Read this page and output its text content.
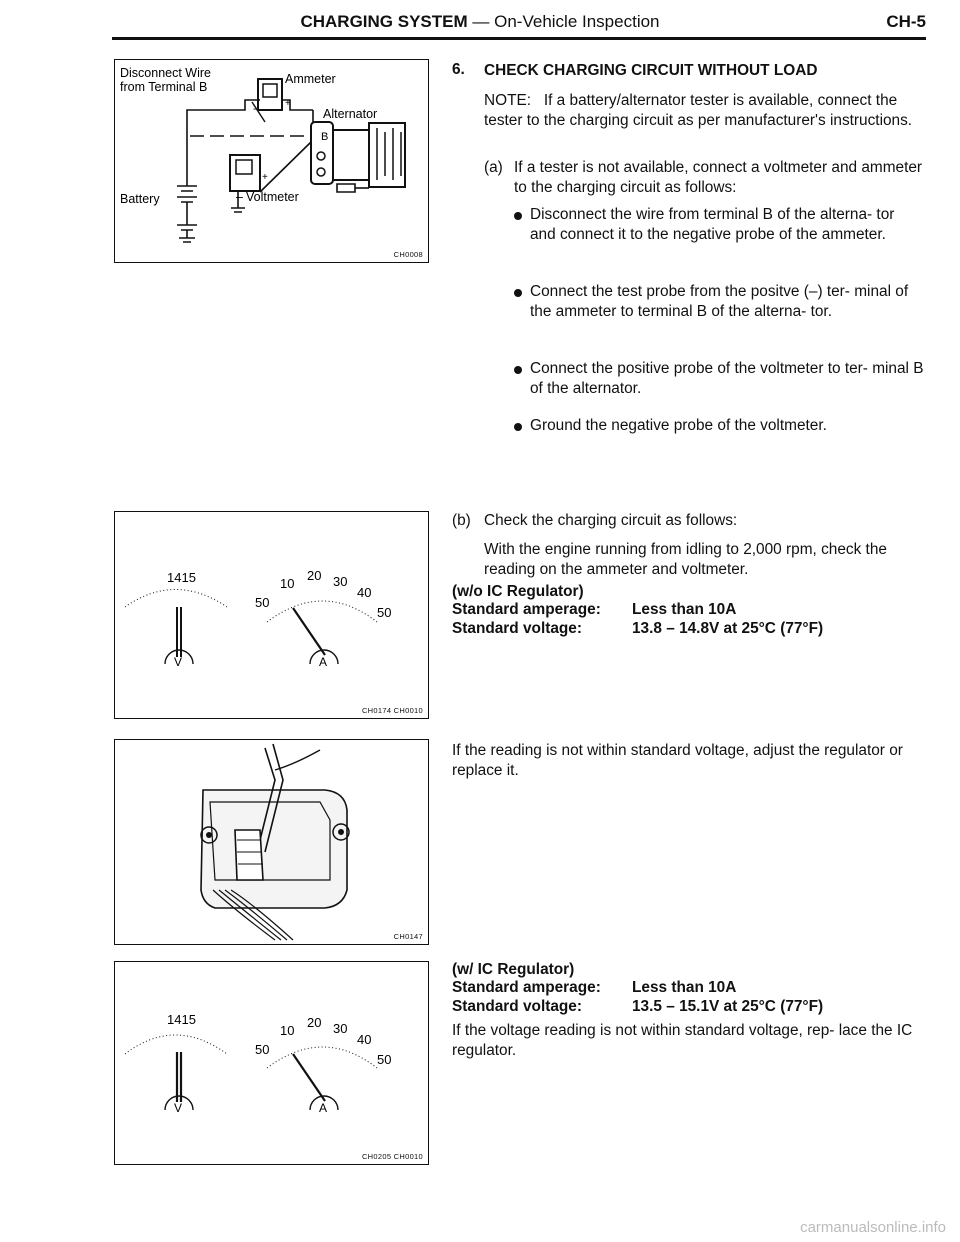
CHARGING SYSTEM — On-Vehicle Inspection	CH-5
Disconnect Wire
from Terminal B
Ammeter
-
+
Alternator
B
+
Voltmeter
–
Battery
CH0008
1415
V
50
10
20 30
40
50
A
CH0174 CH0010
CH0147
1415
V
50
10
20 30
40
50
A
CH0205 CH0010
6. CHECK CHARGING CIRCUIT WITHOUT LOAD
NOTE: If a battery/alternator tester is available, connect the tester to the charging circuit as per manufacturer's instructions.
(a) If a tester is not available, connect a voltmeter and ammeter to the charging circuit as follows:
Disconnect the wire from terminal B of the alterna- tor and connect it to the negative probe of the ammeter.
Connect the test probe from the positve (–) ter- minal of the ammeter to terminal B of the alterna- tor.
Connect the positive probe of the voltmeter to ter- minal B of the alternator.
Ground the negative probe of the voltmeter.
(b) Check the charging circuit as follows:
With the engine running from idling to 2,000 rpm, check the reading on the ammeter and voltmeter.
(w/o IC Regulator)
Standard amperage: Less than 10A
Standard voltage:	13.8 – 14.8V at 25°C (77°F)
If the reading is not within standard voltage, adjust the regulator or replace it.
(w/ IC Regulator)
Standard amperage: Less than 10A
Standard voltage:	13.5 – 15.1V at 25°C (77°F)
If the voltage reading is not within standard voltage, rep- lace the IC regulator.
carmanualsonline.info
